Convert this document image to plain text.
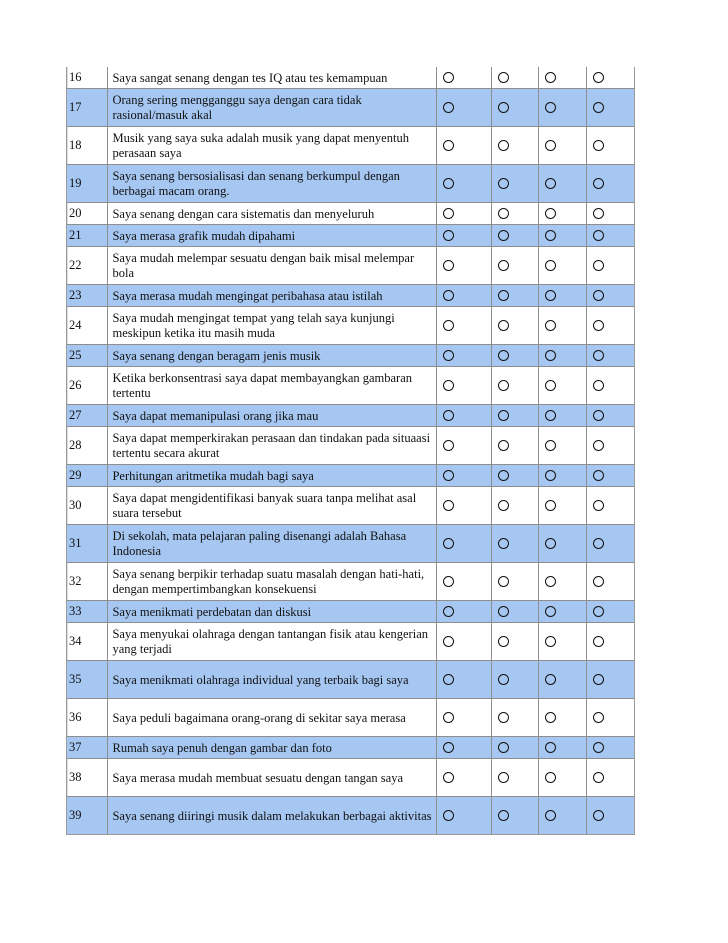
16	Saya sangat senang dengan tes IQ atau tes kemampuan
17	Orang sering mengganggu saya dengan cara tidak rasional/masuk akal
18	Musik yang saya suka adalah musik yang dapat menyentuh perasaan saya
19	Saya senang bersosialisasi dan senang berkumpul dengan berbagai macam orang.
20	Saya senang dengan cara sistematis dan menyeluruh
21	Saya merasa grafik mudah dipahami
22	Saya mudah melempar sesuatu dengan baik misal melempar bola
23	Saya merasa mudah mengingat peribahasa atau istilah
24	Saya mudah mengingat tempat yang telah saya kunjungi meskipun ketika itu masih muda
25	Saya senang dengan beragam jenis musik
26	Ketika berkonsentrasi saya dapat membayangkan gambaran tertentu
27	Saya dapat memanipulasi orang jika mau
28	Saya dapat memperkirakan perasaan dan tindakan pada situaasi tertentu secara akurat
29	Perhitungan aritmetika mudah bagi saya
30	Saya dapat mengidentifikasi banyak suara tanpa melihat asal suara tersebut
31	Di sekolah, mata pelajaran paling disenangi adalah Bahasa Indonesia
32	Saya senang berpikir terhadap suatu masalah dengan hati-hati, dengan mempertimbangkan konsekuensi
33	Saya menikmati perdebatan dan diskusi
34	Saya menyukai olahraga dengan tantangan fisik atau kengerian yang terjadi
35	Saya menikmati olahraga individual yang terbaik bagi saya
36	Saya peduli bagaimana orang-orang di sekitar saya merasa
37	Rumah saya penuh dengan gambar dan foto
38	Saya merasa mudah membuat sesuatu dengan tangan saya
39	Saya senang diiringi musik dalam melakukan berbagai aktivitas
